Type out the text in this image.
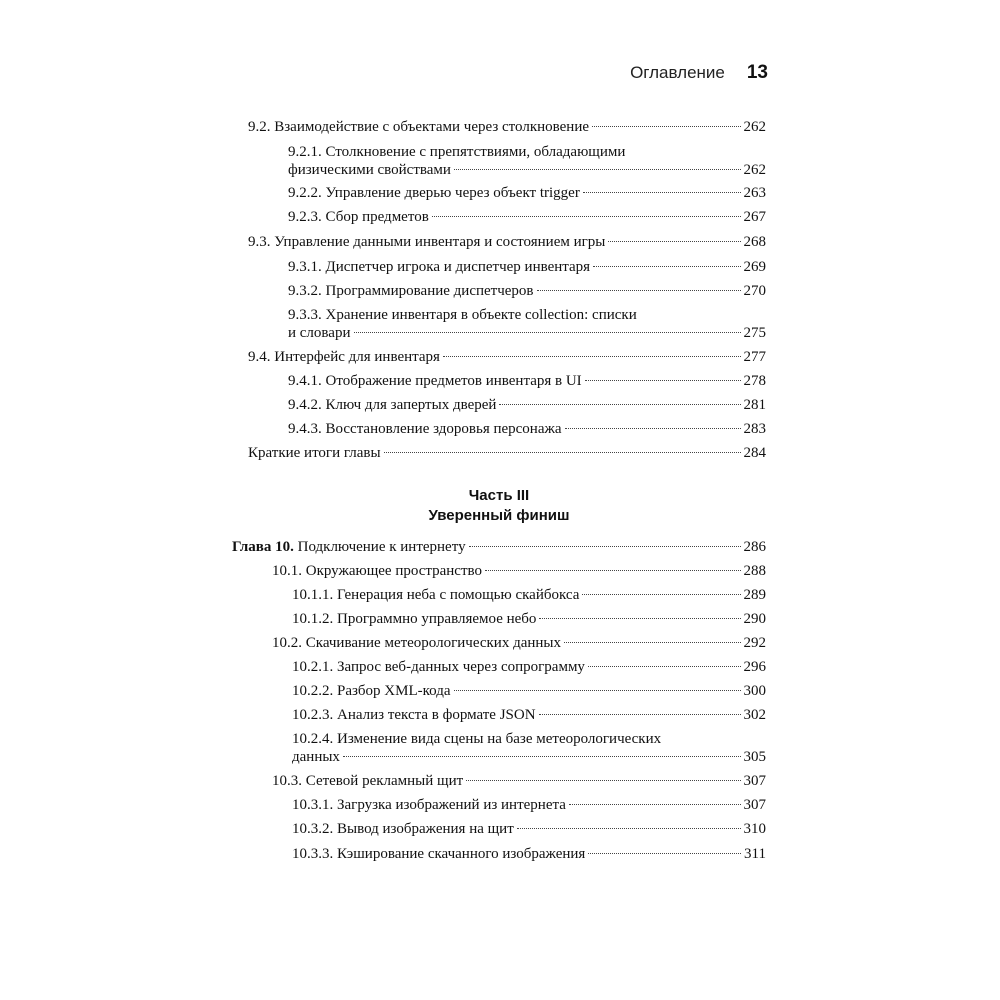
Оглавление 13
9.2. Взаимодействие с объектами через столкновение	262
9.2.1. Столкновение с препятствиями, обладающими
физическими свойствами	262
9.2.2. Управление дверью через объект trigger	263
9.2.3. Сбор предметов	267
9.3. Управление данными инвентаря и состоянием игры	268
9.3.1. Диспетчер игрока и диспетчер инвентаря	269
9.3.2. Программирование диспетчеров	270
9.3.3. Хранение инвентаря в объекте collection: списки
и словари	275
9.4. Интерфейс для инвентаря	277
9.4.1. Отображение предметов инвентаря в UI	278
9.4.2. Ключ для запертых дверей	281
9.4.3. Восстановление здоровья персонажа	283
Краткие итоги главы	284
Часть III
Уверенный финиш
Глава 10. Подключение к интернету	286
10.1. Окружающее пространство	288
10.1.1. Генерация неба с помощью скайбокса	289
10.1.2. Программно управляемое небо	290
10.2. Скачивание метеорологических данных	292
10.2.1. Запрос веб-данных через сопрограмму	296
10.2.2. Разбор XML-кода	300
10.2.3. Анализ текста в формате JSON	302
10.2.4. Изменение вида сцены на базе метеорологических
данных	305
10.3. Сетевой рекламный щит	307
10.3.1. Загрузка изображений из интернета	307
10.3.2. Вывод изображения на щит	310
10.3.3. Кэширование скачанного изображения	311
